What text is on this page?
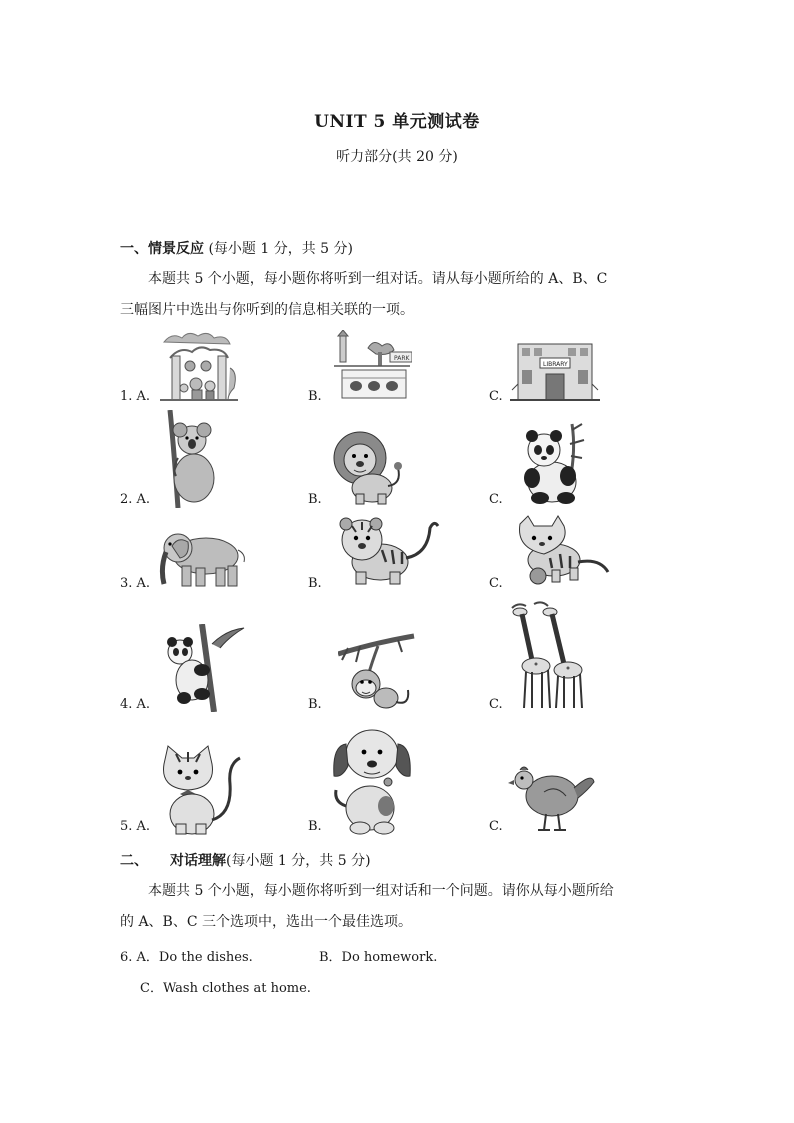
UNIT 5 单元测试卷
听力部分(共 20 分)
一、情景反应 (每小题 1 分，共 5 分)
本题共 5 个小题，每小题你将听到一组对话。请从每小题所给的 A、B、C
三幅图片中选出与你听到的信息相关联的一项。
1. A.	B.	C.
PARK
LIBRARY
2. A.	B.	C.
3. A.	B.	C.
4. A.	B.	C.
5. A.	B.	C.
二、 对话理解(每小题 1 分，共 5 分)
本题共 5 个小题，每小题你将听到一组对话和一个问题。请你从每小题所给
的 A、B、C 三个选项中，选出一个最佳选项。
6. A．Do the dishes.	B．Do homework.
C．Wash clothes at home.
